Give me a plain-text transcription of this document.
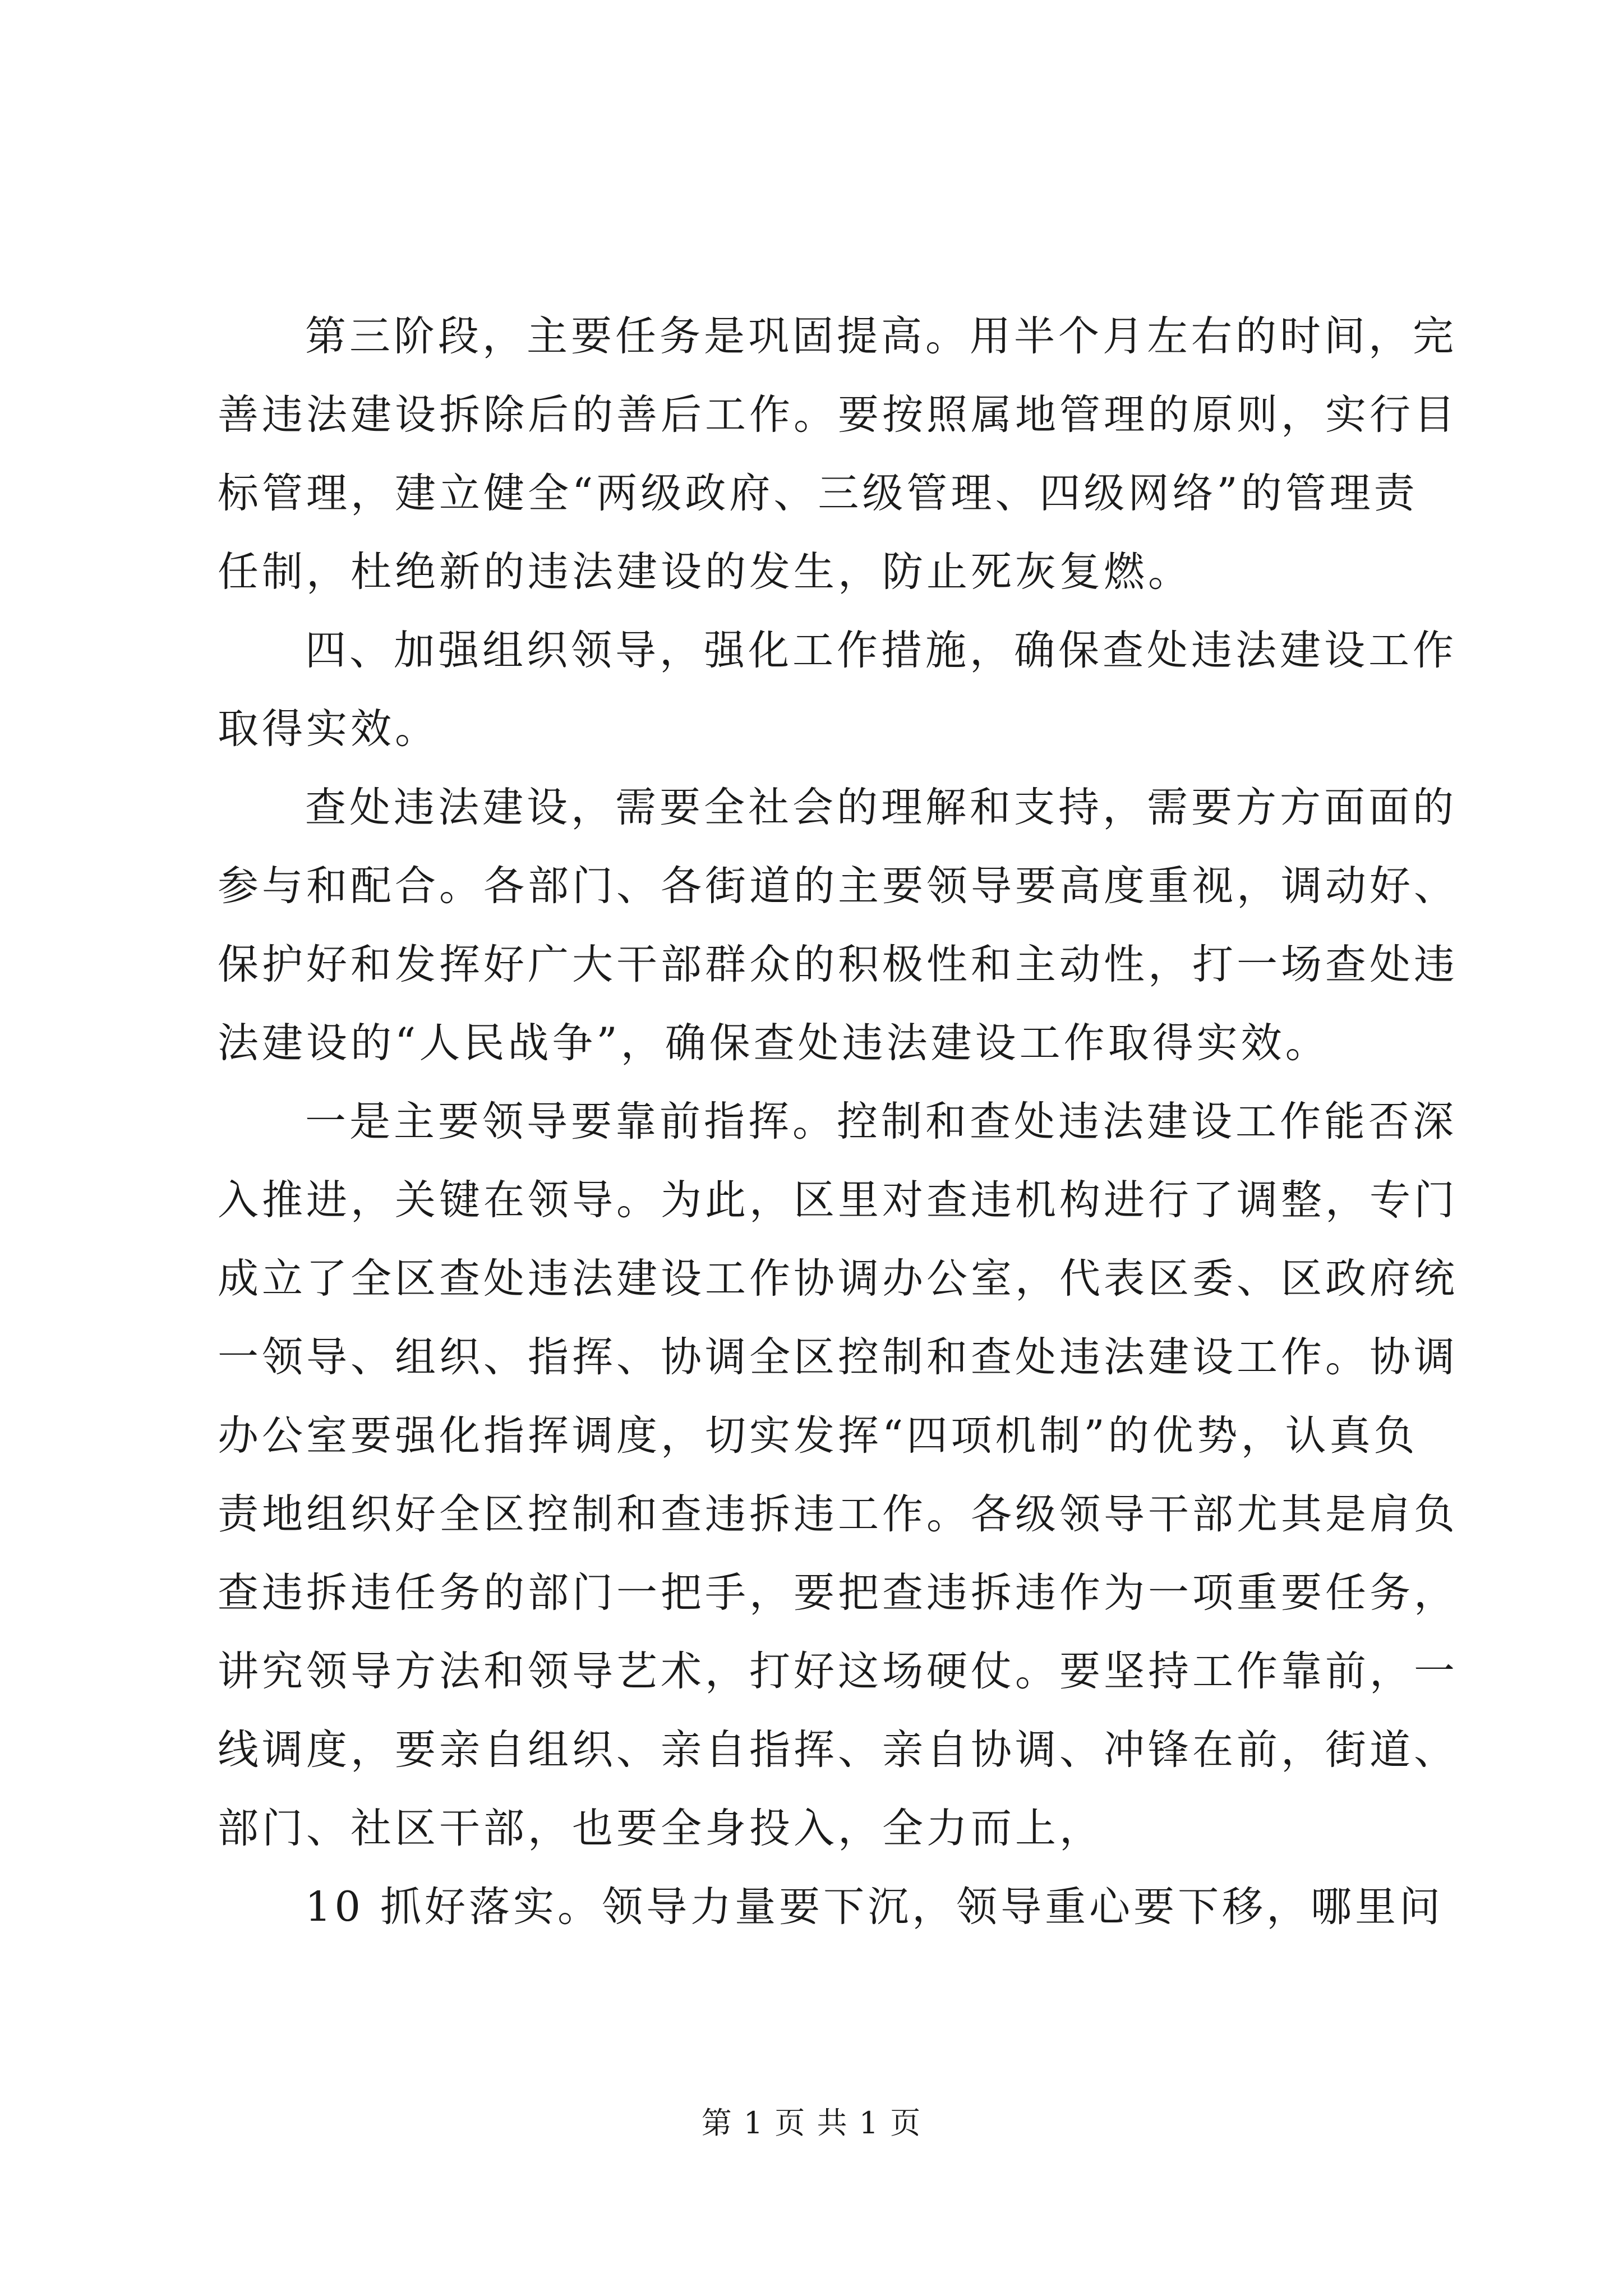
第三阶段，主要任务是巩固提高。用半个月左右的时间，完
善违法建设拆除后的善后工作。要按照属地管理的原则，实行目
标管理，建立健全“两级政府、三级管理、四级网络”的管理责
任制，杜绝新的违法建设的发生，防止死灰复燃。
四、加强组织领导，强化工作措施，确保查处违法建设工作
取得实效。
查处违法建设，需要全社会的理解和支持，需要方方面面的
参与和配合。各部门、各街道的主要领导要高度重视，调动好、
保护好和发挥好广大干部群众的积极性和主动性，打一场查处违
法建设的“人民战争”，确保查处违法建设工作取得实效。
一是主要领导要靠前指挥。控制和查处违法建设工作能否深
入推进，关键在领导。为此，区里对查违机构进行了调整，专门
成立了全区查处违法建设工作协调办公室，代表区委、区政府统
一领导、组织、指挥、协调全区控制和查处违法建设工作。协调
办公室要强化指挥调度，切实发挥“四项机制”的优势，认真负
责地组织好全区控制和查违拆违工作。各级领导干部尤其是肩负
查违拆违任务的部门一把手，要把查违拆违作为一项重要任务，
讲究领导方法和领导艺术，打好这场硬仗。要坚持工作靠前，一
线调度，要亲自组织、亲自指挥、亲自协调、冲锋在前，街道、
部门、社区干部，也要全身投入，全力而上，
10 抓好落实。领导力量要下沉，领导重心要下移，哪里问
第 1 页 共 1 页
